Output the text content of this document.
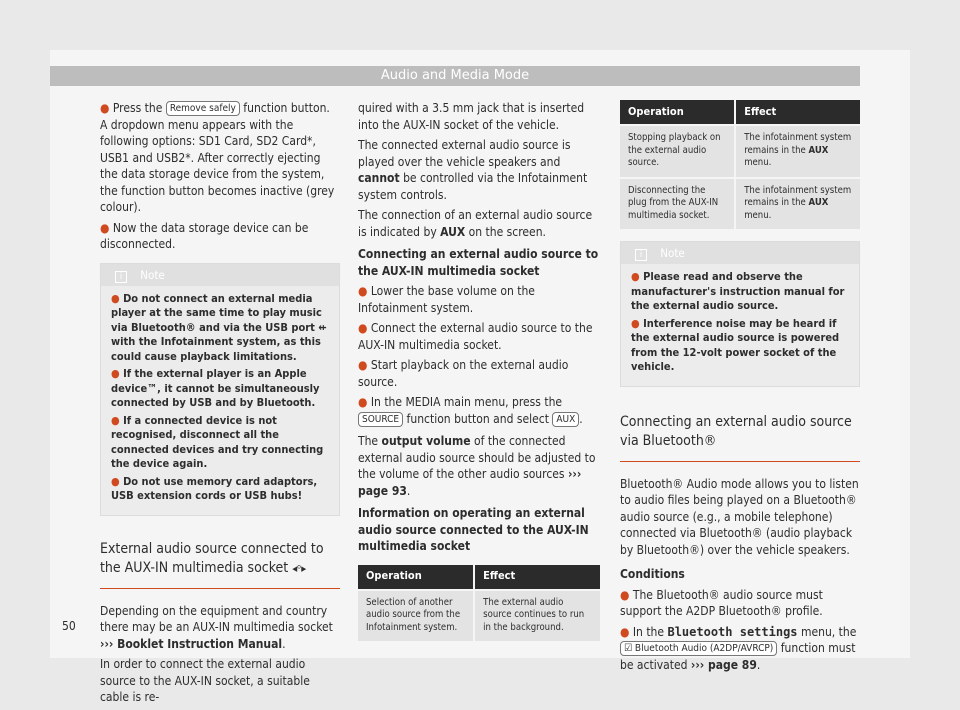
Audio and Media Mode

● Press the Remove safely function button. A dropdown menu appears with the following options: SD1 Card, SD2 Card*, USB1 and USB2*. After correctly ejecting the data storage device from the system, the function button becomes inactive (grey colour).

● Now the data storage device can be disconnected.

i Note

● Do not connect an external media player at the same time to play music via Bluetooth® and via the USB port ⇷ with the Infotainment system, as this could cause playback limitations.

● If the external player is an Apple device™, it cannot be simultaneously connected by USB and by Bluetooth.

● If a connected device is not recognised, disconnect all the connected devices and try connecting the device again.

● Do not use memory card adaptors, USB extension cords or USB hubs!

External audio source connected to the AUX-IN multimedia socket ◂ᵒ▸

Depending on the equipment and country there may be an AUX-IN multimedia socket ››› Booklet Instruction Manual.

In order to connect the external audio source to the AUX-IN socket, a suitable cable is re-

quired with a 3.5 mm jack that is inserted into the AUX-IN socket of the vehicle.

The connected external audio source is played over the vehicle speakers and cannot be controlled via the Infotainment system controls.

The connection of an external audio source is indicated by AUX on the screen.

Connecting an external audio source to the AUX-IN multimedia socket

● Lower the base volume on the Infotainment system.

● Connect the external audio source to the AUX-IN multimedia socket.

● Start playback on the external audio source.

● In the MEDIA main menu, press the SOURCE function button and select AUX .

The output volume of the connected external audio source should be adjusted to the volume of the other audio sources ››› page 93.

Information on operating an external audio source connected to the AUX-IN multimedia socket

Operation	Effect
Selection of another audio source from the Infotainment system.	The external audio source continues to run in the background.
Operation	Effect
Stopping playback on the external audio source.	The infotainment system remains in the AUX menu.
Disconnecting the plug from the AUX-IN multimedia socket.	The infotainment system remains in the AUX menu.
i Note

● Please read and observe the manufacturer's instruction manual for the external audio source.

● Interference noise may be heard if the external audio source is powered from the 12-volt power socket of the vehicle.

Connecting an external audio source via Bluetooth®

Bluetooth® Audio mode allows you to listen to audio files being played on a Bluetooth® audio source (e.g., a mobile telephone) connected via Bluetooth® (audio playback by Bluetooth®) over the vehicle speakers.

Conditions

● The Bluetooth® audio source must support the A2DP Bluetooth® profile.

● In the Bluetooth settings menu, the ☑ Bluetooth Audio (A2DP/AVRCP) function must be activated ››› page 89.

50
